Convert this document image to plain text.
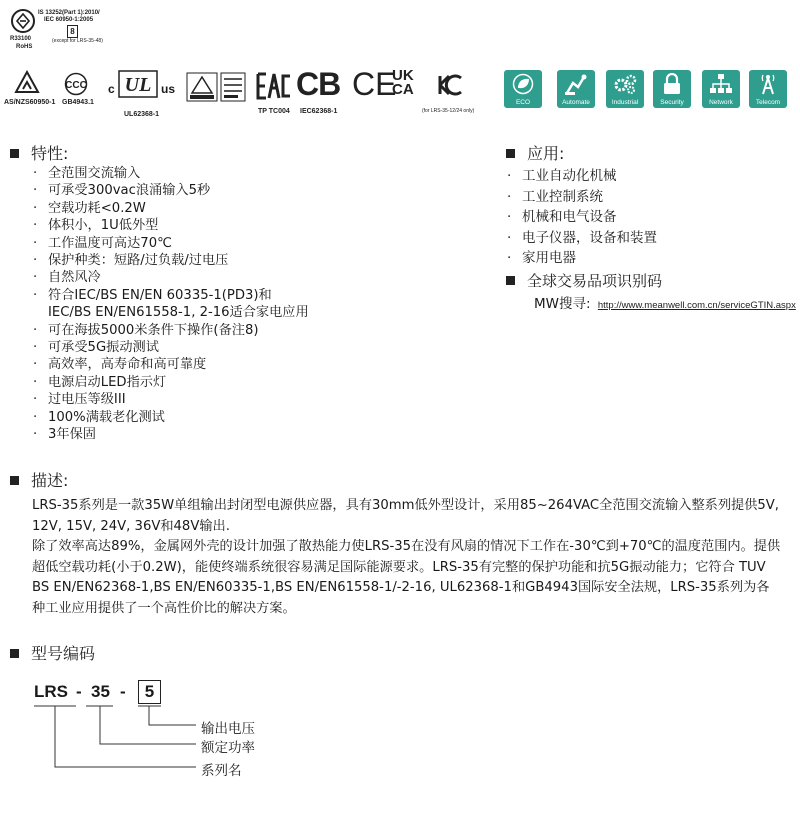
R33100
RoHS
IS 13252(Part 1):2010/
IEC 60950-1:2005
8
(except for LRS-35-48)
AS/NZS60950-1
CCC
GB4943.1
c UL us
UL62368-1	TP TC004
CB
IEC62368-1
CE
UK
CA
(for LRS-35-12/24 only)
ECO	Automate	Industrial	Security	Network	Telecom
特性:
· 全范围交流输入
· 可承受300vac浪涌输入5秒
· 空载功耗<0.2W
· 体积小，1U低外型
· 工作温度可高达70℃
· 保护种类：短路/过负载/过电压
· 自然风冷
· 符合IEC/BS EN/EN 60335-1(PD3)和
IEC/BS EN/EN61558-1, 2-16适合家电应用
· 可在海拔5000米条件下操作(备注8)
· 可承受5G振动测试
· 高效率，高寿命和高可靠度
· 电源启动LED指示灯
· 过电压等级III
· 100%满载老化测试
· 3年保固
应用:
· 工业自动化机械
· 工业控制系统
· 机械和电气设备
· 电子仪器，设备和装置
· 家用电器
全球交易品项识别码
MW搜寻: http://www.meanwell.com.cn/serviceGTIN.aspx
描述:

LRS-35系列是一款35W单组输出封闭型电源供应器，具有30mm低外型设计，采用85~264VAC全范围交流输入整系列提供5V, 12V, 15V, 24V, 36V和48V输出.

除了效率高达89%，金属网外壳的设计加强了散热能力使LRS-35在没有风扇的情况下工作在-30℃到+70℃的温度范围内。提供超低空载功耗(小于0.2W)，能使终端系统很容易满足国际能源要求。LRS-35有完整的保护功能和抗5G振动能力；它符合 TUV BS EN/EN62368-1,BS EN/EN60335-1,BS EN/EN61558-1/-2-16, UL62368-1和GB4943国际安全法规，LRS-35系列为各种工业应用提供了一个高性价比的解决方案。

型号编码
LRS - 35 -	5
输出电压
额定功率
系列名
